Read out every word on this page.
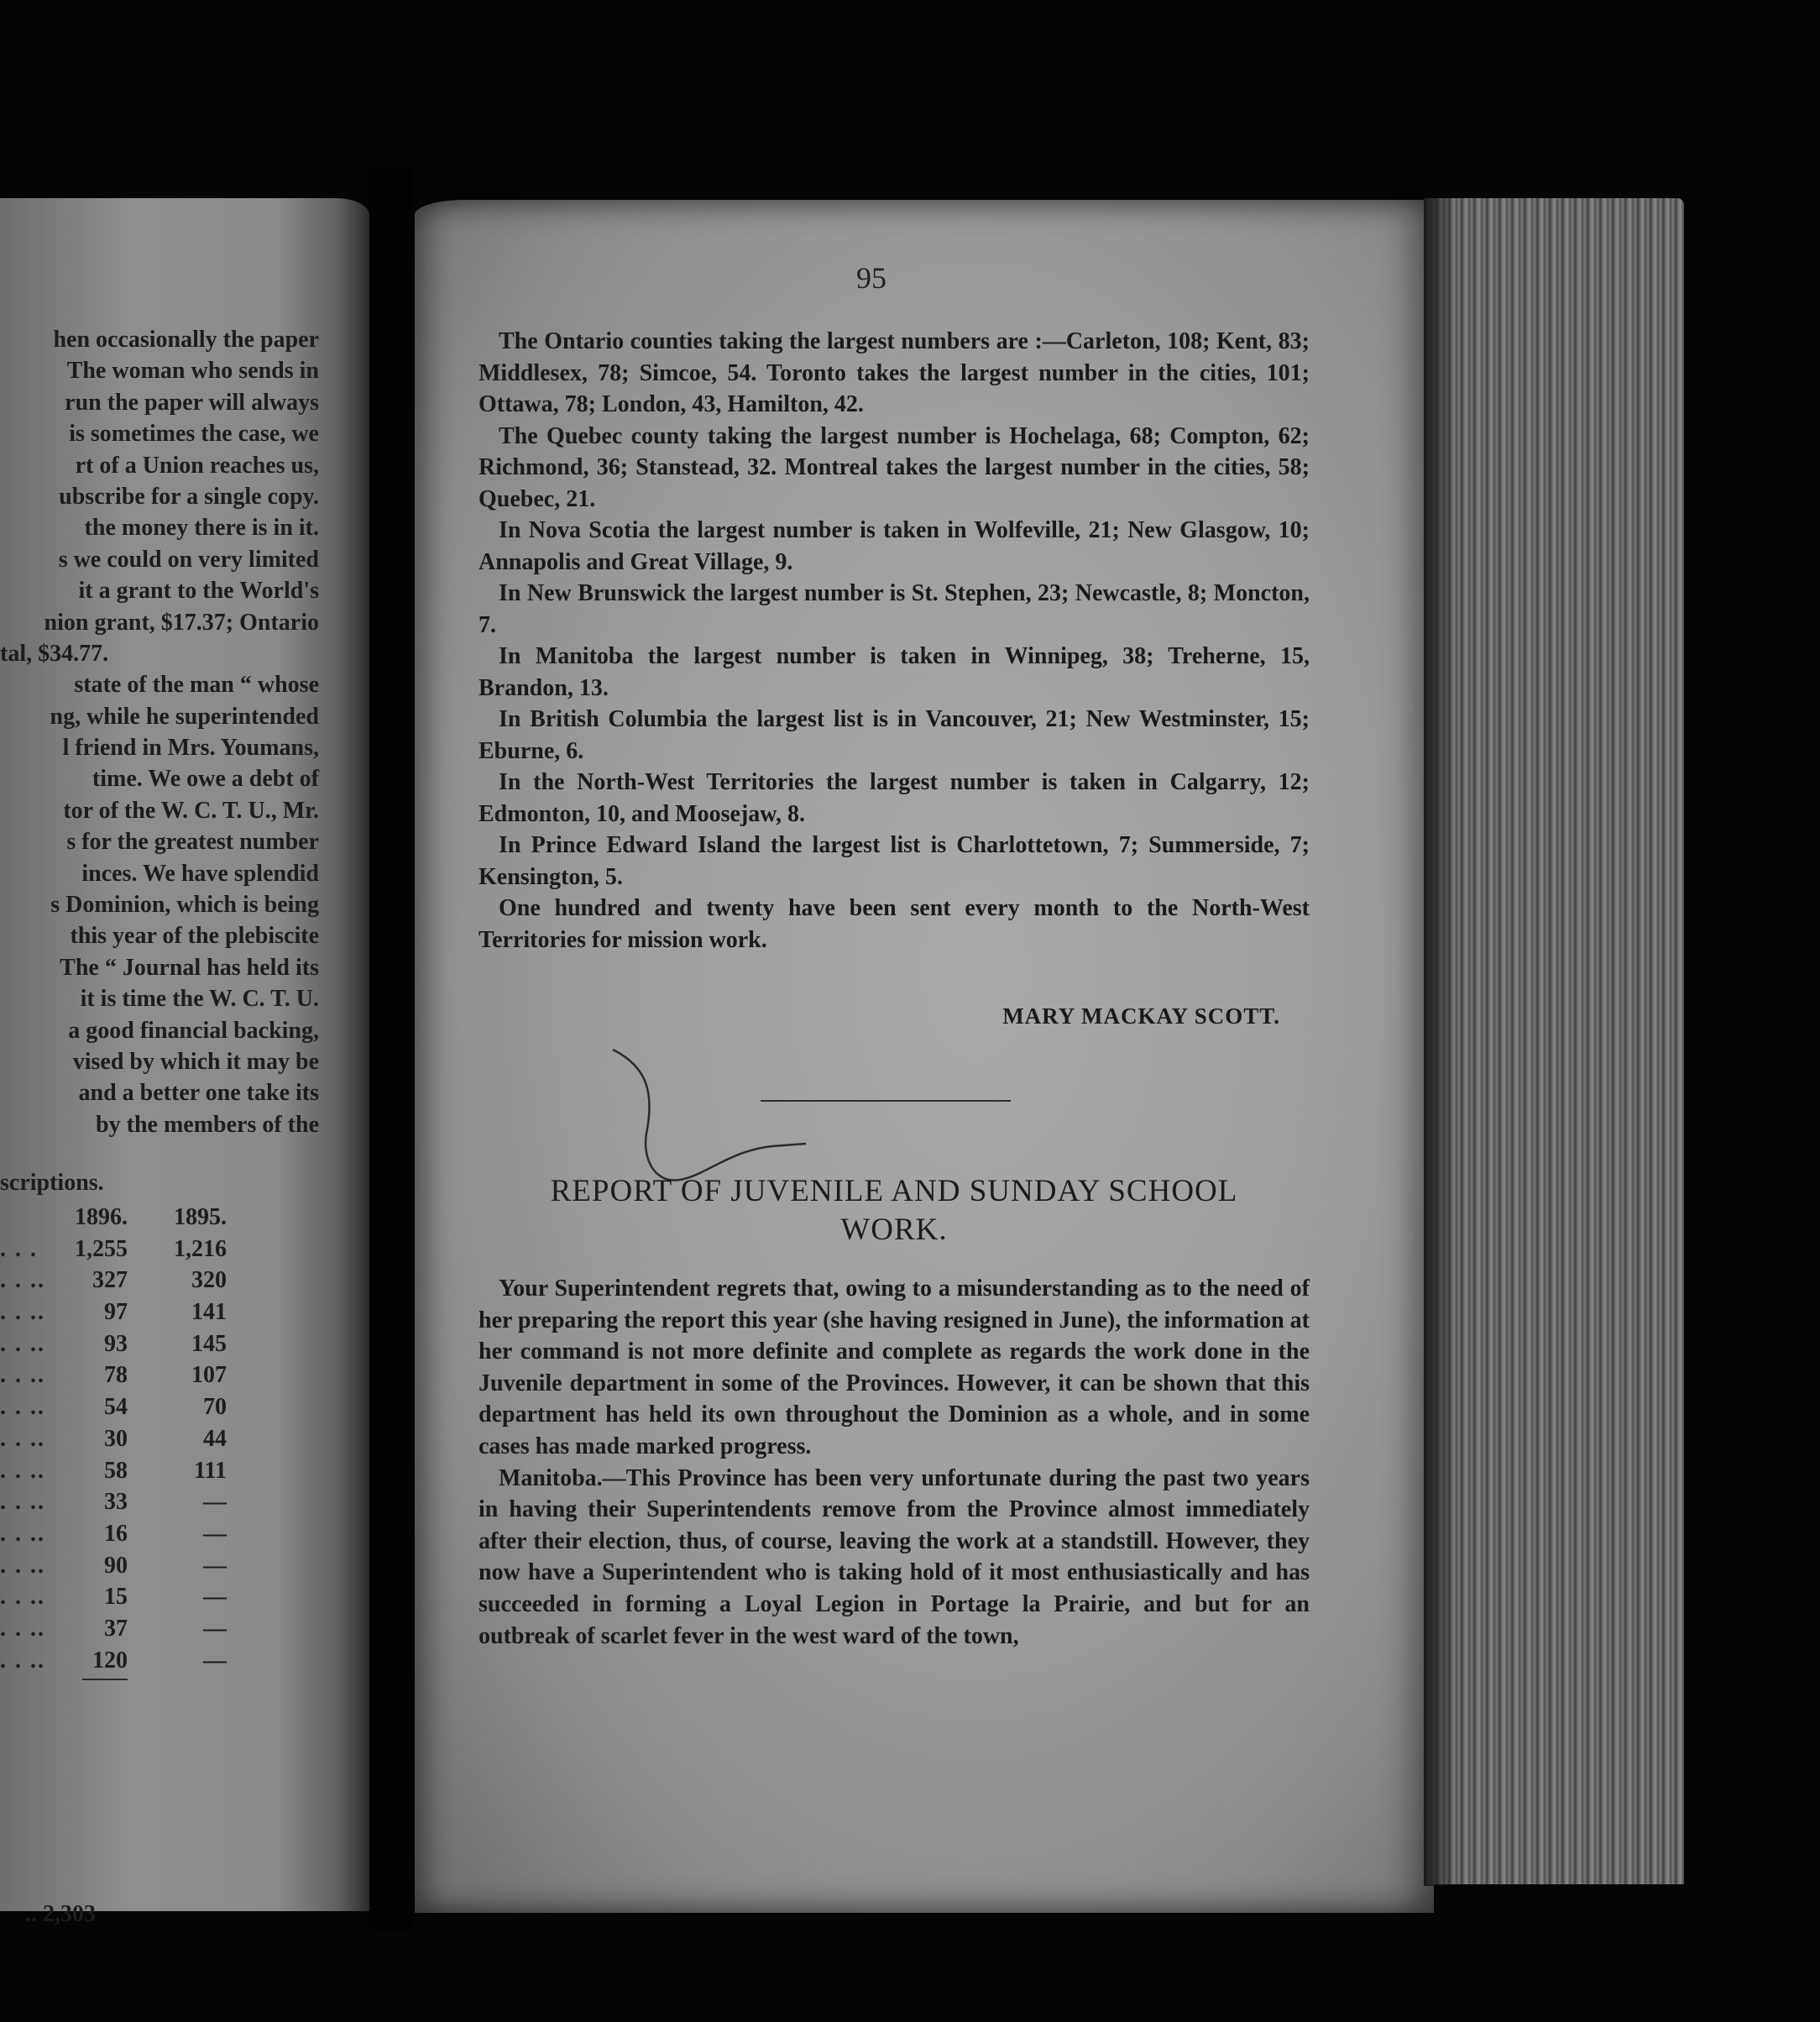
hen occasionally the paper
The woman who sends in
run the paper will always
is sometimes the case, we
rt of a Union reaches us,
ubscribe for a single copy.
the money there is in it.
s we could on very limited
it a grant to the World's
nion grant, $17.37; Ontario
tal, $34.77.
state of the man “ whose
ng, while he superintended
l friend in Mrs. Youmans,
time. We owe a debt of
tor of the W. C. T. U., Mr.
s for the greatest number
inces. We have splendid
s Dominion, which is being
this year of the plebiscite
The “ Journal has held its
it is time the W. C. T. U.
a good financial backing,
vised by which it may be
and a better one take its
by the members of the
scriptions.
1896. 1895.
. . . 1,255 1,216
. . .. 327	320
. . ..	97	141
. . ..	93	145
. . ..	78	107
. . ..	54	70
. . ..	30	44
. . ..	58	111
. . ..	33	—
. . ..	16	—
. . ..	90	—
. . ..	15	—
. . ..	37	—
. . .. 120	—
.. 2,303
95

The Ontario counties taking the largest numbers are :—Carleton, 108; Kent, 83; Middlesex, 78; Simcoe, 54. Toronto takes the largest number in the cities, 101; Ottawa, 78; London, 43, Hamilton, 42.

The Quebec county taking the largest number is Hochelaga, 68; Compton, 62; Richmond, 36; Stanstead, 32. Montreal takes the largest number in the cities, 58; Quebec, 21.

In Nova Scotia the largest number is taken in Wolfeville, 21; New Glasgow, 10; Annapolis and Great Village, 9.

In New Brunswick the largest number is St. Stephen, 23; Newcastle, 8; Moncton, 7.

In Manitoba the largest number is taken in Winnipeg, 38; Treherne, 15, Brandon, 13.

In British Columbia the largest list is in Vancouver, 21; New Westminster, 15; Eburne, 6.

In the North-West Territories the largest number is taken in Calgarry, 12; Edmonton, 10, and Moosejaw, 8.

In Prince Edward Island the largest list is Charlottetown, 7; Summerside, 7; Kensington, 5.

One hundred and twenty have been sent every month to the North-West Territories for mission work.

MARY MACKAY SCOTT.
REPORT OF JUVENILE AND SUNDAY SCHOOL
WORK.

Your Superintendent regrets that, owing to a misunderstanding as to the need of her preparing the report this year (she having resigned in June), the information at her command is not more definite and complete as regards the work done in the Juvenile department in some of the Provinces. However, it can be shown that this department has held its own throughout the Dominion as a whole, and in some cases has made marked progress.

Manitoba.—This Province has been very unfortunate during the past two years in having their Superintendents remove from the Province almost immediately after their election, thus, of course, leaving the work at a standstill. However, they now have a Superintendent who is taking hold of it most enthusiastically and has succeeded in forming a Loyal Legion in Portage la Prairie, and but for an outbreak of scarlet fever in the west ward of the town,
